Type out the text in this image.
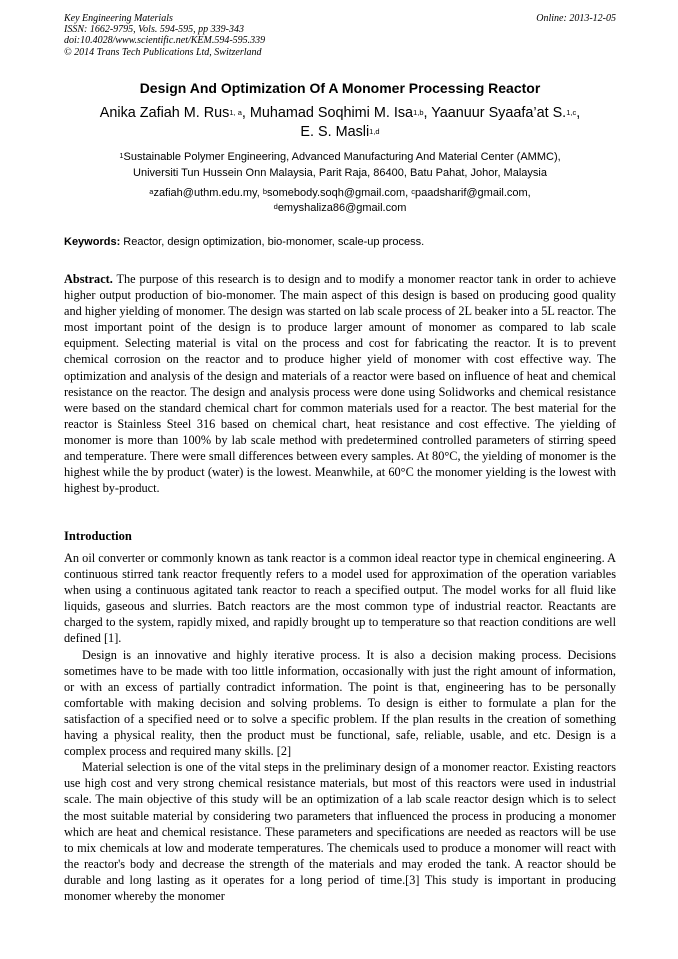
Key Engineering Materials
ISSN: 1662-9795, Vols. 594-595, pp 339-343
doi:10.4028/www.scientific.net/KEM.594-595.339
© 2014 Trans Tech Publications Ltd, Switzerland
Online: 2013-12-05
Design And Optimization Of A Monomer Processing Reactor
Anika Zafiah M. Rus$^{1, a}$, Muhamad Soqhimi M. Isa$^{1,b}$, Yaanuur Syaafa’at S.$^{1,c}$,
E. S. Masli$^{1,d}$
$^1$Sustainable Polymer Engineering, Advanced Manufacturing And Material Center (AMMC),
Universiti Tun Hussein Onn Malaysia, Parit Raja, 86400, Batu Pahat, Johor, Malaysia
$^a$zafiah@uthm.edu.my, $^b$somebody.soqh@gmail.com, $^c$paadsharif@gmail.com,
$^d$emyshaliza86@gmail.com
Keywords: Reactor, design optimization, bio-monomer, scale-up process.
Abstract. The purpose of this research is to design and to modify a monomer reactor tank in order to achieve higher output production of bio-monomer. The main aspect of this design is based on producing good quality and higher yielding of monomer. The design was started on lab scale process of 2L beaker into a 5L reactor. The most important point of the design is to produce larger amount of monomer as compared to lab scale equipment. Selecting material is vital on the process and cost for fabricating the reactor. It is to prevent chemical corrosion on the reactor and to produce higher yield of monomer with cost effective way. The optimization and analysis of the design and materials of a reactor were based on influence of heat and chemical resistance on the reactor. The design and analysis process were done using Solidworks and chemical resistance were based on the standard chemical chart for common materials used for a reactor. The best material for the reactor is Stainless Steel 316 based on chemical chart, heat resistance and cost effective. The yielding of monomer is more than 100% by lab scale method with predetermined controlled parameters of stirring speed and temperature. There were small differences between every samples. At 80°C, the yielding of monomer is the highest while the by product (water) is the lowest. Meanwhile, at 60°C the monomer yielding is the lowest with highest by-product.
Introduction

An oil converter or commonly known as tank reactor is a common ideal reactor type in chemical engineering. A continuous stirred tank reactor frequently refers to a model used for approximation of the operation variables when using a continuous agitated tank reactor to reach a specified output. The model works for all fluid like liquids, gaseous and slurries. Batch reactors are the most common type of industrial reactor. Reactants are charged to the system, rapidly mixed, and rapidly brought up to temperature so that reaction conditions are well defined [1].

Design is an innovative and highly iterative process. It is also a decision making process. Decisions sometimes have to be made with too little information, occasionally with just the right amount of information, or with an excess of partially contradict information. The point is that, engineering has to be personally comfortable with making decision and solving problems. To design is either to formulate a plan for the satisfaction of a specified need or to solve a specific problem. If the plan results in the creation of something having a physical reality, then the product must be functional, safe, reliable, usable, and etc. Design is a complex process and required many skills. [2]

Material selection is one of the vital steps in the preliminary design of a monomer reactor. Existing reactors use high cost and very strong chemical resistance materials, but most of this reactors were used in industrial scale. The main objective of this study will be an optimization of a lab scale reactor design which is to select the most suitable material by considering two parameters that influenced the process in producing a monomer which are heat and chemical resistance. These parameters and specifications are needed as reactors will be use to mix chemicals at low and moderate temperatures. The chemicals used to produce a monomer will react with the reactor's body and decrease the strength of the materials and may eroded the tank. A reactor should be durable and long lasting as it operates for a long period of time.[3] This study is important in producing monomer whereby the monomer
